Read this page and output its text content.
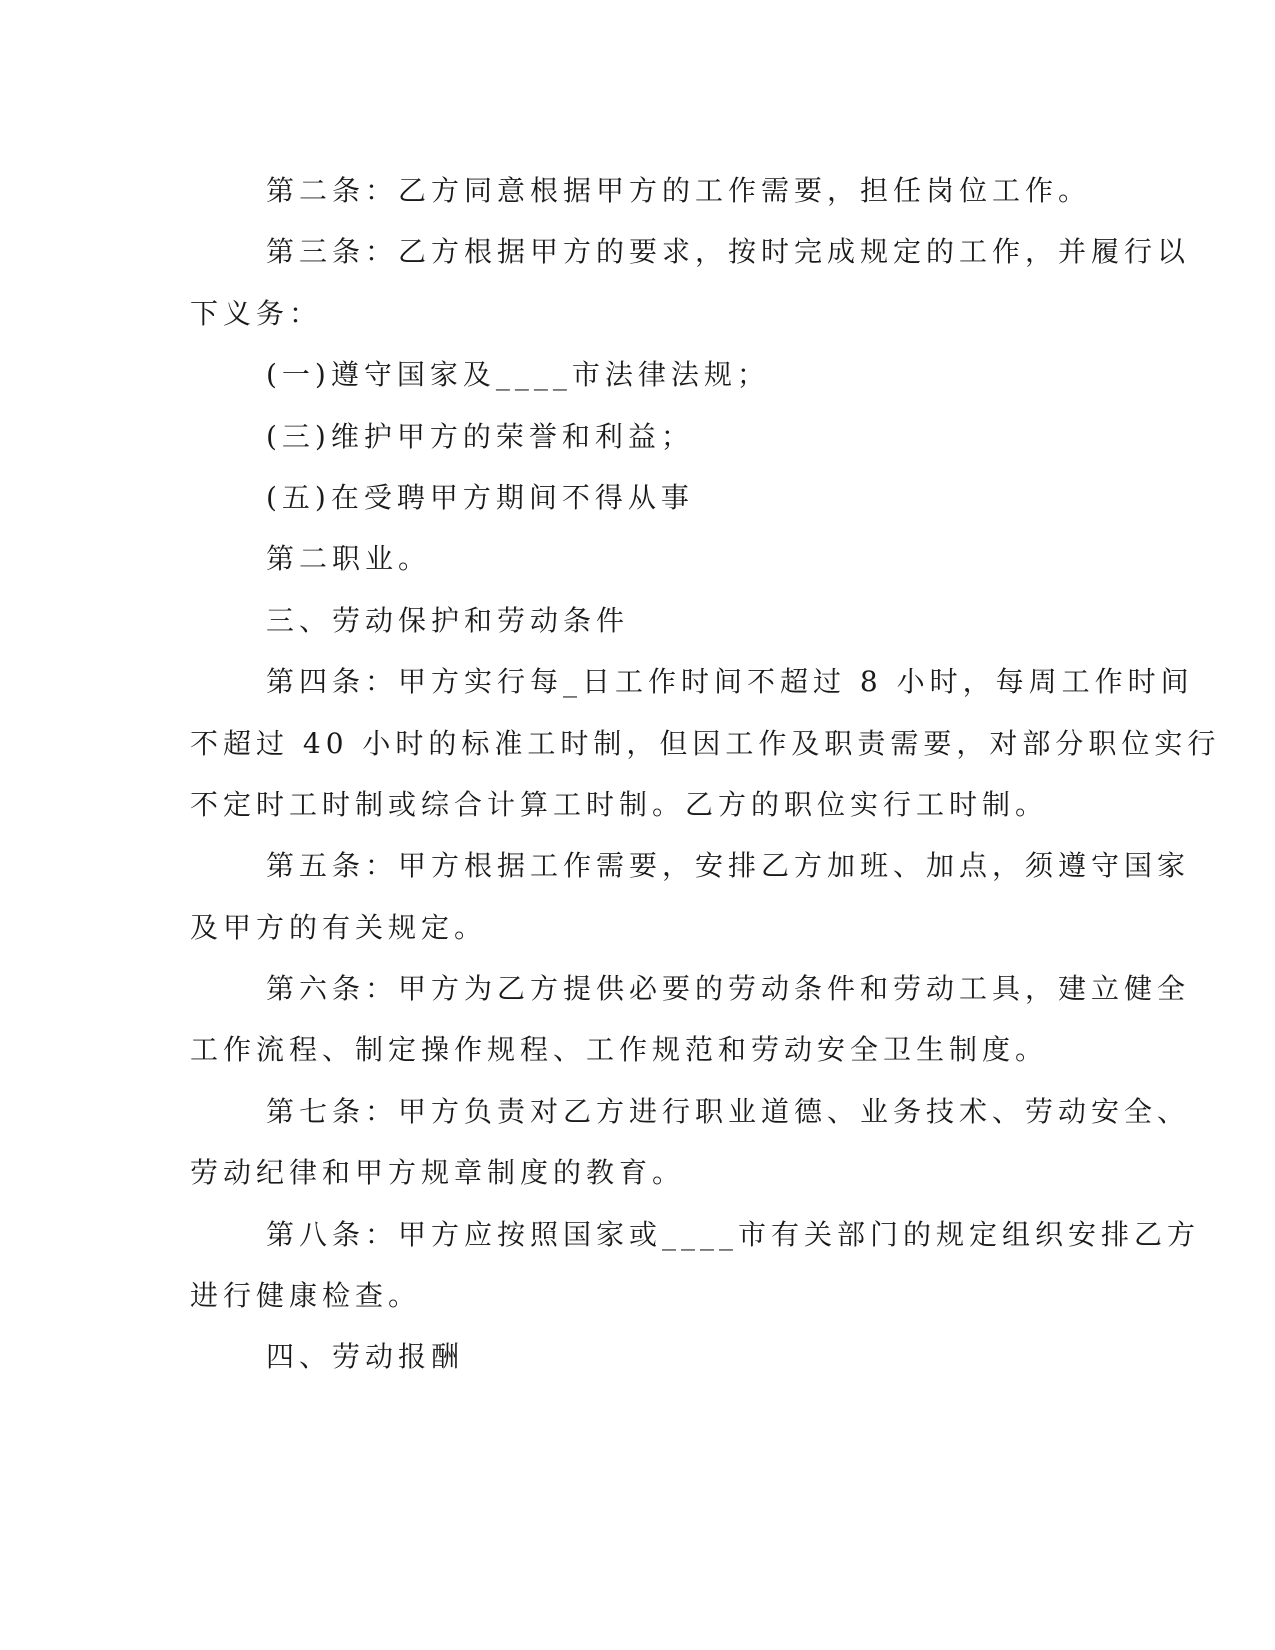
第二条：乙方同意根据甲方的工作需要，担任岗位工作。
第三条：乙方根据甲方的要求，按时完成规定的工作，并履行以
下义务：
(一)遵守国家及____市法律法规；
(三)维护甲方的荣誉和利益；
(五)在受聘甲方期间不得从事
第二职业。
三、劳动保护和劳动条件
第四条：甲方实行每_日工作时间不超过 8 小时，每周工作时间
不超过 40 小时的标准工时制，但因工作及职责需要，对部分职位实行
不定时工时制或综合计算工时制。乙方的职位实行工时制。
第五条：甲方根据工作需要，安排乙方加班、加点，须遵守国家
及甲方的有关规定。
第六条：甲方为乙方提供必要的劳动条件和劳动工具，建立健全
工作流程、制定操作规程、工作规范和劳动安全卫生制度。
第七条：甲方负责对乙方进行职业道德、业务技术、劳动安全、
劳动纪律和甲方规章制度的教育。
第八条：甲方应按照国家或____市有关部门的规定组织安排乙方
进行健康检查。
四、劳动报酬
